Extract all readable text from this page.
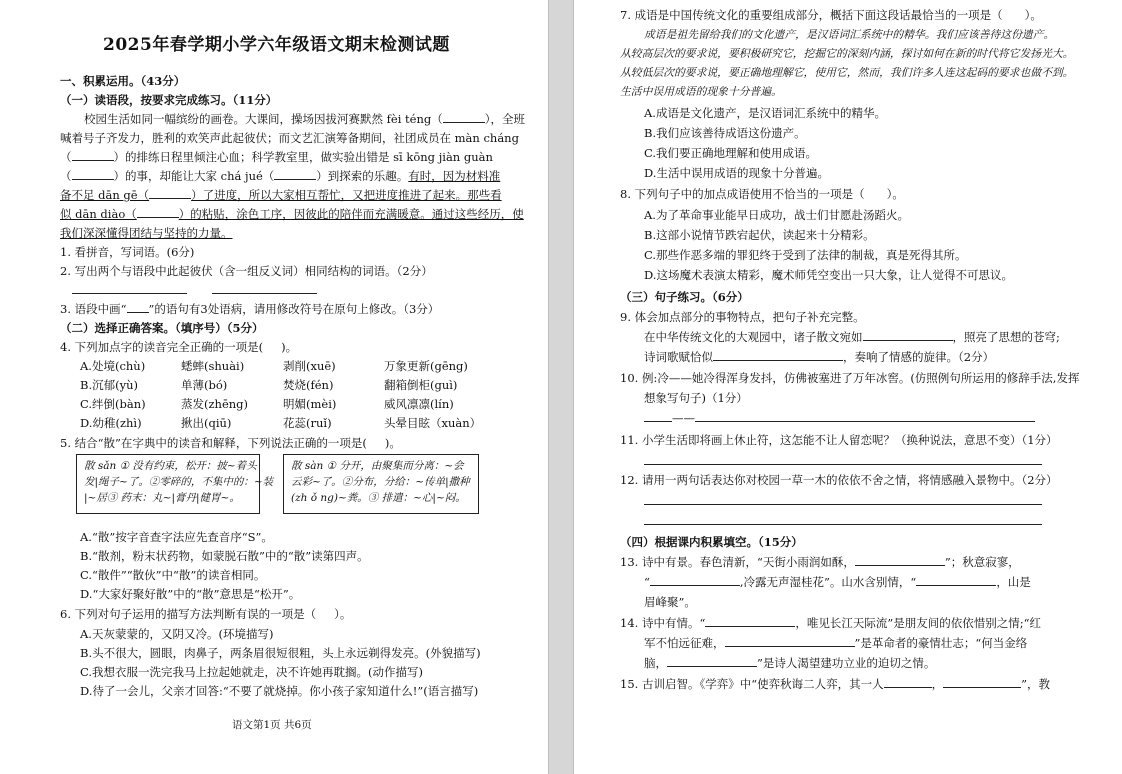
2025年春学期小学六年级语文期末检测试题
一、积累运用。（43分）
（一）读语段，按要求完成练习。（11分）
校园生活如同一幅缤纷的画卷。大课间，操场因拔河赛默然 fèi téng（	），全班
喊着号子齐发力，胜利的欢笑声此起彼伏；而文艺汇演筹备期间，社团成员在 màn cháng
（	）的排练日程里倾注心血；科学教室里，做实验出错是 sī kōng jiàn guàn
（	）的事，却能让大家 chá jué（	）到探索的乐趣。有时，因为材料准
备不足 dān gē（	）了进度，所以大家相互帮忙，又把进度推进了起来。那些看
似 dān diào（	）的粘贴，涂色工序，因彼此的陪伴而充满暖意。通过这些经历，使
我们深深懂得团结与坚持的力量。
1. 看拼音，写词语。(6分)
2. 写出两个与语段中此起彼伏（含一组反义词）相同结构的词语。（2分）
3. 语段中画“ ”的语句有3处语病，请用修改符号在原句上修改。（3分）
（二）选择正确答案。（填序号）（5分）
4. 下列加点字的读音完全正确的一项是( )。
A.处境(chù)	蟋蟀(shuài)	剥削(xuē)	万象更新(gēng)
B.沉郁(yù)	单薄(bó)	焚烧(fén)	翻箱倒柜(guì)
C.绊倒(bàn)	蒸发(zhēng)	明媚(mèi)	威风凛凛(lín)
D.幼稚(zhì)	揪出(qiū)	花蕊(ruǐ)	头晕目眩（xuàn）
5. 结合“散”在字典中的读音和解释，下列说法正确的一项是( )。
散 sǎn ① 没有约束，松开：披~着头
发|绳子~了。②零碎的，不集中的：~装
|~居③ 药末：丸~|膏丹|健胃~。
散 sàn ① 分开，由聚集而分离：~会
云彩~了。②分布，分给：~传单|撒种
(zh ǒ ng)~粪。③ 排遣：~心|~闷。
A.“散”按字音查字法应先查音序“S”。
B.“散剂，粉末状药物，如蒙脱石散”中的“散”读第四声。
C.“散件”“散伙”中“散”的读音相同。
D.“大家好聚好散”中的“散”意思是“松开”。
6. 下列对句子运用的描写方法判断有误的一项是（ ）。
A.天灰蒙蒙的，又阴又冷。(环境描写)
B.头不很大，圆眼，肉鼻子，两条眉很短很粗，头上永远剃得发亮。(外貌描写)
C.我想衣服一洗完我马上拉起她就走，决不许她再耽搁。(动作描写)
D.待了一会儿，父亲才回答:“不要了就烧掉。你小孩子家知道什么!”(语言描写)
语文第1页 共6页
7. 成语是中国传统文化的重要组成部分，概括下面这段话最恰当的一项是（ ）。
成语是祖先留给我们的文化遗产，是汉语词汇系统中的精华。我们应该善待这份遗产。
从较高层次的要求说，要积极研究它，挖掘它的深刻内涵，探讨如何在新的时代将它发扬光大。
从较低层次的要求说，要正确地理解它，使用它，然而，我们许多人连这起码的要求也做不到。
生活中误用成语的现象十分普遍。
A.成语是文化遗产，是汉语词汇系统中的精华。
B.我们应该善待成语这份遗产。
C.我们要正确地理解和使用成语。
D.生活中误用成语的现象十分普遍。
8. 下列句子中的加点成语使用不恰当的一项是（ ）。
A.为了革命事业能早日成功，战士们甘愿赴汤蹈火。
B.这部小说情节跌宕起伏，读起来十分精彩。
C.那些作恶多端的罪犯终于受到了法律的制裁，真是死得其所。
D.这场魔术表演太精彩，魔术师凭空变出一只大象，让人觉得不可思议。
（三）句子练习。（6分）
9. 体会加点部分的事物特点，把句子补充完整。
在中华传统文化的大观园中，诸子散文宛如	，照亮了思想的苍穹;
诗词歌赋恰似	，奏响了情感的旋律。（2分）
10. 例:冷——她冷得浑身发抖，仿佛被塞进了万年冰窖。(仿照例句所运用的修辞手法,发挥
想象写句子)（1分）
——
11. 小学生活即将画上休止符，这怎能不让人留恋呢？（换种说法，意思不变）（1分）
12. 请用一两句话表达你对校园一草一木的依依不舍之情，将情感融入景物中。（2分）
（四）根据课内积累填空。（15分）
13. 诗中有景。春色清新，“天街小雨润如酥，	”；秋意寂寥，
“	,冷露无声湿桂花”。山水含别情，“	，山是
眉峰聚”。
14. 诗中有情。“	，唯见长江天际流”是朋友间的依依惜别之情;“红
军不怕远征难，	”是革命者的豪情壮志；“何当金络
脑，	”是诗人渴望建功立业的迫切之情。
15. 古训启智。《学弈》中“使弈秋诲二人弈，其一人	，	”，教
